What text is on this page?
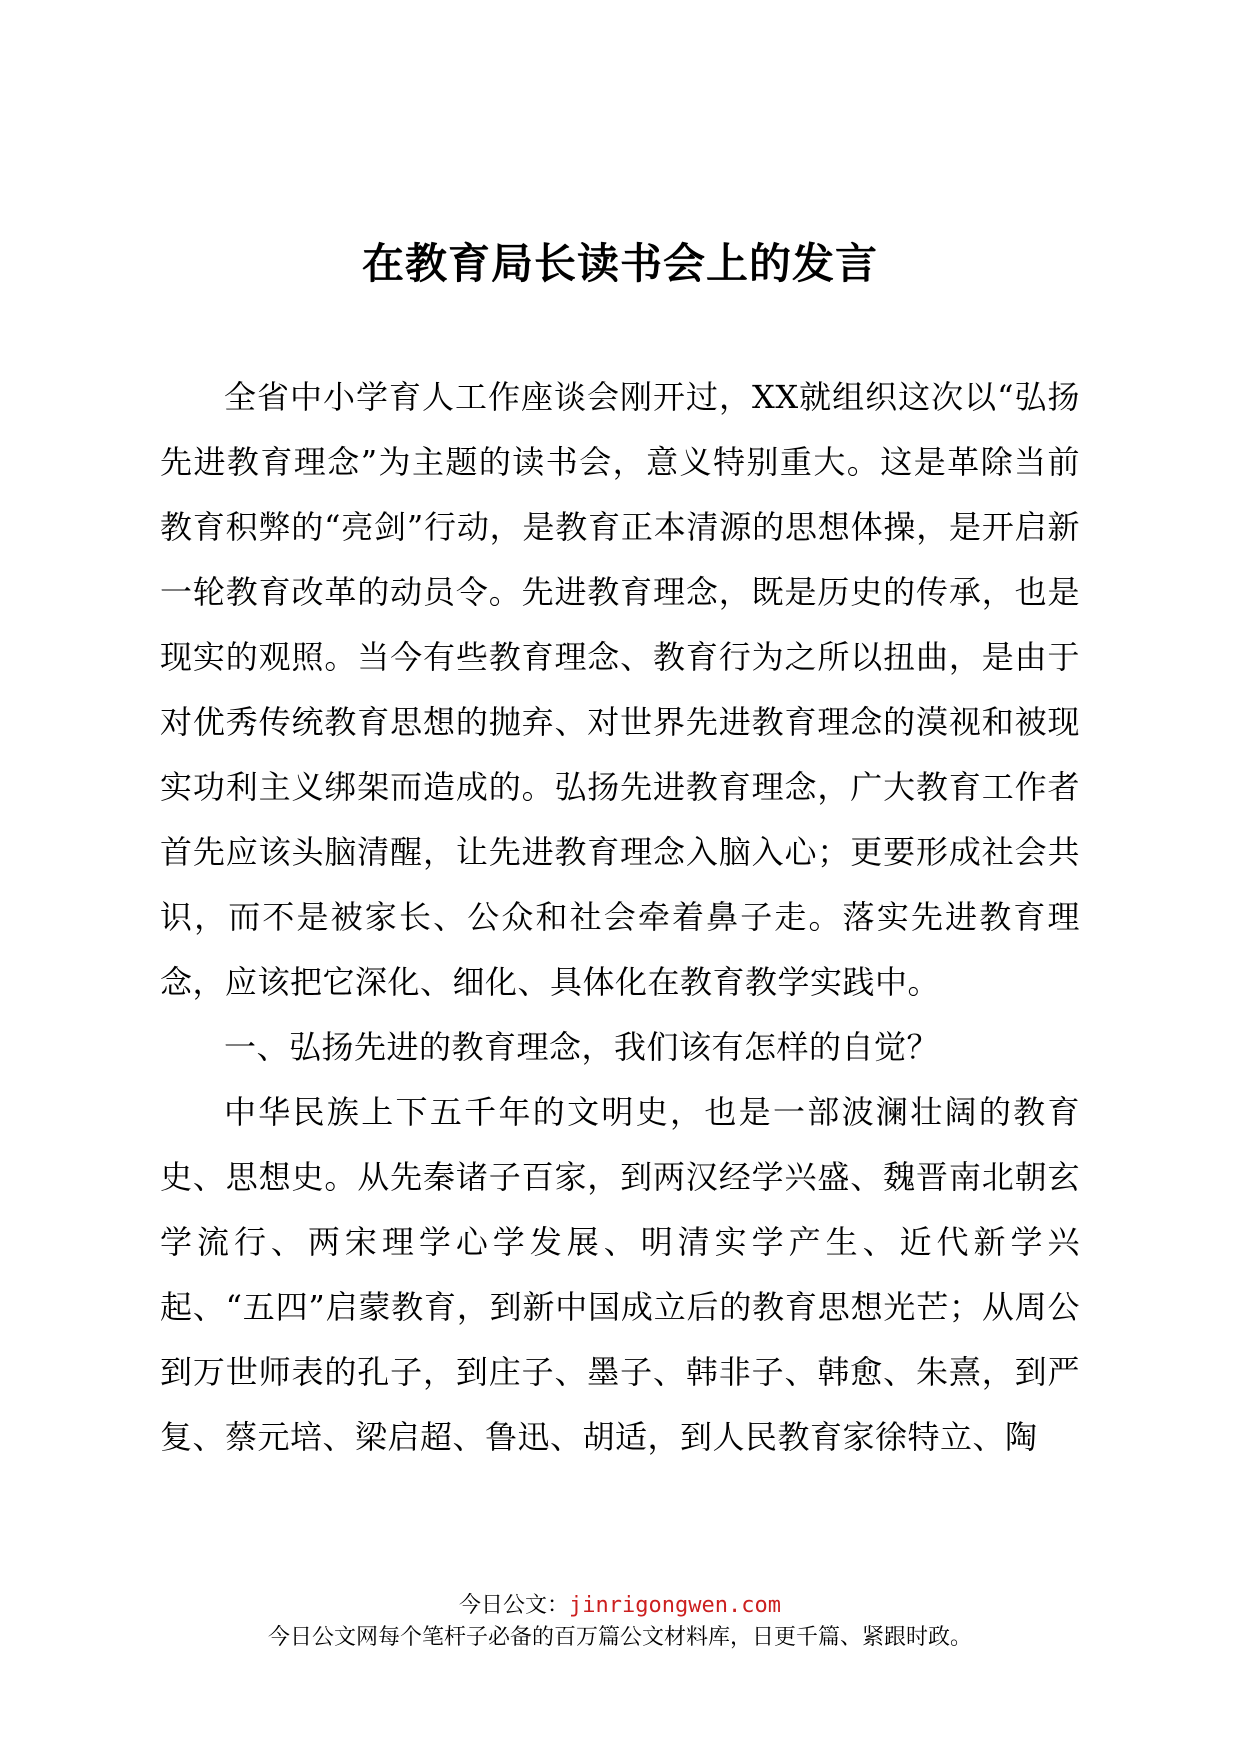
在教育局长读书会上的发言

全省中小学育人工作座谈会刚开过，XX就组织这次以“弘扬先进教育理念”为主题的读书会，意义特别重大。这是革除当前教育积弊的“亮剑”行动，是教育正本清源的思想体操，是开启新一轮教育改革的动员令。先进教育理念，既是历史的传承，也是现实的观照。当今有些教育理念、教育行为之所以扭曲，是由于对优秀传统教育思想的抛弃、对世界先进教育理念的漠视和被现实功利主义绑架而造成的。弘扬先进教育理念，广大教育工作者首先应该头脑清醒，让先进教育理念入脑入心；更要形成社会共识，而不是被家长、公众和社会牵着鼻子走。落实先进教育理念，应该把它深化、细化、具体化在教育教学实践中。

一、弘扬先进的教育理念，我们该有怎样的自觉？

中华民族上下五千年的文明史，也是一部波澜壮阔的教育史、思想史。从先秦诸子百家，到两汉经学兴盛、魏晋南北朝玄学流行、两宋理学心学发展、明清实学产生、近代新学兴起、“五四”启蒙教育，到新中国成立后的教育思想光芒；从周公到万世师表的孔子，到庄子、墨子、韩非子、韩愈、朱熹，到严复、蔡元培、梁启超、鲁迅、胡适，到人民教育家徐特立、陶

今日公文：jinrigongwen.com
今日公文网每个笔杆子必备的百万篇公文材料库，日更千篇、紧跟时政。
